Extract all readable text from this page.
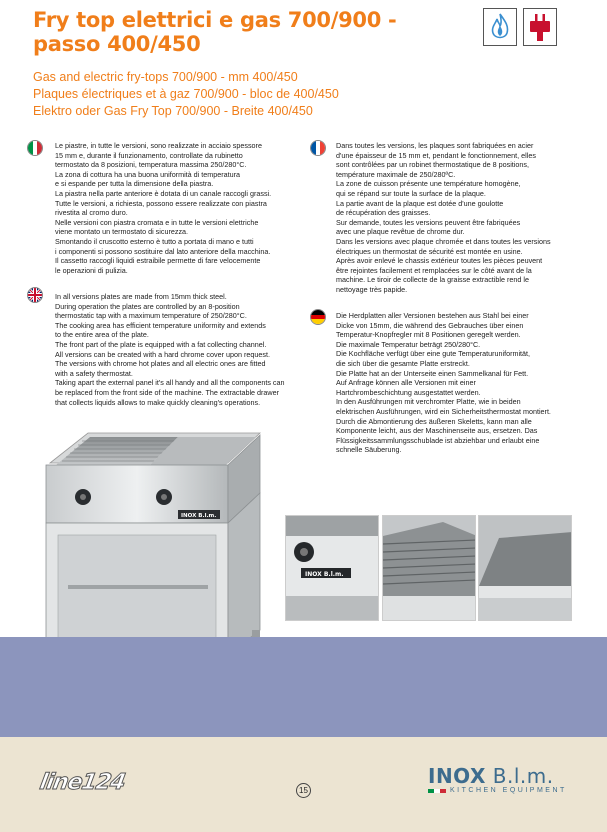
Fry top elettrici e gas 700/900 -
passo 400/450
Gas and electric fry-tops 700/900 - mm 400/450
Plaques électriques et à gaz 700/900 - bloc de 400/450
Elektro oder Gas Fry Top 700/900 - Breite 400/450
Le piastre, in tutte le versioni, sono realizzate in acciaio spessore
15 mm e, durante il funzionamento, controllate da rubinetto
termostato da 8 posizioni, temperatura massima 250/280°C.
La zona di cottura ha una buona uniformità di temperatura
e si espande per tutta la dimensione della piastra.
La piastra nella parte anteriore è dotata di un canale raccogli grassi.
Tutte le versioni, a richiesta, possono essere realizzate con piastra
rivestita al cromo duro.
Nelle versioni con piastra cromata e in tutte le versioni elettriche
viene montato un termostato di sicurezza.
Smontando il cruscotto esterno è tutto a portata di mano e tutti
i componenti si possono sostituire dal lato anteriore della macchina.
Il cassetto raccogli liquidi estraibile permette di fare velocemente
le operazioni di pulizia.
In all versions plates are made from 15mm thick steel.
During operation the plates are controlled by an 8-position
thermostatic tap with a maximum temperature of 250/280°C.
The cooking area has efficient temperature uniformity and extends
to the entire area of the plate.
The front part of the plate is equipped with a fat collecting channel.
All versions can be created with a hard chrome cover upon request.
The versions with chrome hot plates and all electric ones are fitted
with a safety thermostat.
Taking apart the external panel it's all handy and all the components can
be replaced from the front side of the machine. The extractable drawer
that collects liquids allows to make quickly cleaning's operations.
Dans toutes les versions, les plaques sont fabriquées en acier
d'une épaisseur de 15 mm et, pendant le fonctionnement, elles
sont contrôlées par un robinet thermostatique de 8 positions,
température maximale de 250/280ºC.
La zone de cuisson présente une température homogène,
qui se répand sur toute la surface de la plaque.
La partie avant de la plaque est dotée d'une goulotte
de récupération des graisses.
Sur demande, toutes les versions peuvent être fabriquées
avec une plaque revêtue de chrome dur.
Dans les versions avec plaque chromée et dans toutes les versions
électriques un thermostat de sécurité est montée en usine.
Après avoir enlevé le chassis extérieur toutes les pièces peuvent
être rejointes facilement et remplacées sur le côté avant de la
machine. Le tiroir de collecte de la graisse extractible rend le
nettoyage très papide.
Die Herdplatten aller Versionen bestehen aus Stahl bei einer
Dicke von 15mm, die während des Gebrauches über einen
Temperatur-Knopfregler mit 8 Positionen geregelt werden.
Die maximale Temperatur beträgt 250/280°C.
Die Kochfläche verfügt über eine gute Temperaturuniformität,
die sich über die gesamte Platte erstreckt.
Die Platte hat an der Unterseite einen Sammelkanal für Fett.
Auf Anfrage können alle Versionen mit einer
Hartchrombeschichtung ausgestattet werden.
In den Ausführungen mit verchromter Platte, wie in beiden
elektrischen Ausführungen, wird ein Sicherheitsthermostat montiert.
Durch die Abmontierung des äußeren Skeletts, kann man alle
Komponente leicht, aus der Maschinenseite aus, ersetzen. Das
Flüssigkeitssammlungsschublade ist abziehbar und erlaubt eine
schnelle Säuberung.
INOX B.l.m.
INOX B.l.m.
line124	15
INOX B.l.m.
KITCHEN EQUIPMENT
